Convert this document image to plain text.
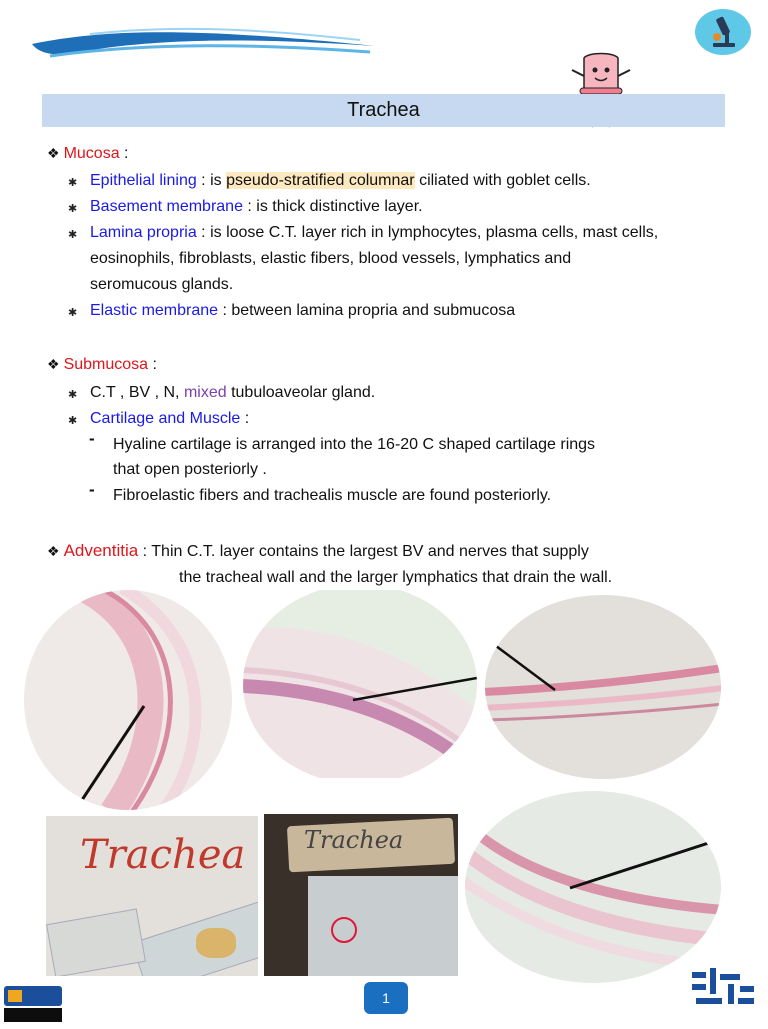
Trachea
❖ Mucosa :
✱ Epithelial lining : is pseudo-stratified columnar ciliated with goblet cells.
✱ Basement membrane : is thick distinctive layer.
✱ Lamina propria : is loose C.T. layer rich in lymphocytes, plasma cells, mast cells,
eosinophils, fibroblasts, elastic fibers, blood vessels, lymphatics and
seromucous glands.
✱ Elastic membrane : between lamina propria and submucosa
❖ Submucosa :
✱ C.T , BV , N, mixed tubuloaveolar gland.
✱ Cartilage and Muscle :
- Hyaline cartilage is arranged into the 16-20 C shaped cartilage rings
that open posteriorly .
- Fibroelastic fibers and trachealis muscle are found posteriorly.
❖ Adventitia : Thin C.T. layer contains the largest BV and nerves that supply
the tracheal wall and the larger lymphatics that drain the wall.
Trachea Trachea
1
